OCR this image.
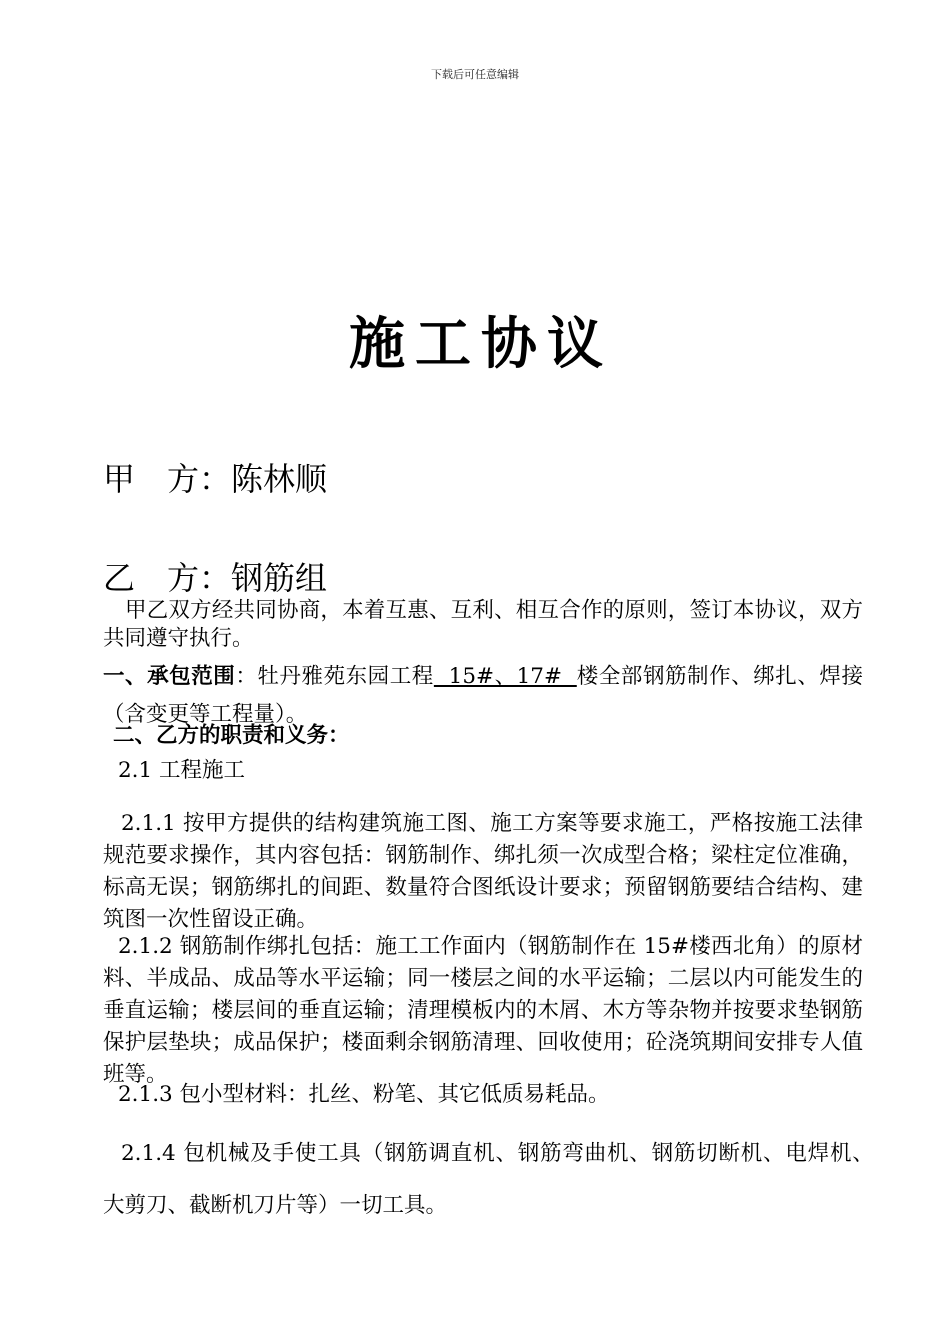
下载后可任意编辑
施工协议
甲　方：陈林顺
乙　方：钢筋组
甲乙双方经共同协商，本着互惠、互利、相互合作的原则，签订本协议，双方共同遵守执行。
一、承包范围：牡丹雅苑东园工程  15#、17#  楼全部钢筋制作、绑扎、焊接（含变更等工程量）。
二、乙方的职责和义务：
2.1 工程施工
2.1.1 按甲方提供的结构建筑施工图、施工方案等要求施工，严格按施工法律规范要求操作，其内容包括：钢筋制作、绑扎须一次成型合格；梁柱定位准确，标高无误；钢筋绑扎的间距、数量符合图纸设计要求；预留钢筋要结合结构、建筑图一次性留设正确。
2.1.2 钢筋制作绑扎包括：施工工作面内（钢筋制作在 15#楼西北角）的原材料、半成品、成品等水平运输；同一楼层之间的水平运输；二层以内可能发生的垂直运输；楼层间的垂直运输；清理模板内的木屑、木方等杂物并按要求垫钢筋保护层垫块；成品保护；楼面剩余钢筋清理、回收使用；砼浇筑期间安排专人值班等。
2.1.3 包小型材料：扎丝、粉笔、其它低质易耗品。
2.1.4 包机械及手使工具（钢筋调直机、钢筋弯曲机、钢筋切断机、电焊机、　大剪刀、截断机刀片等）一切工具。
